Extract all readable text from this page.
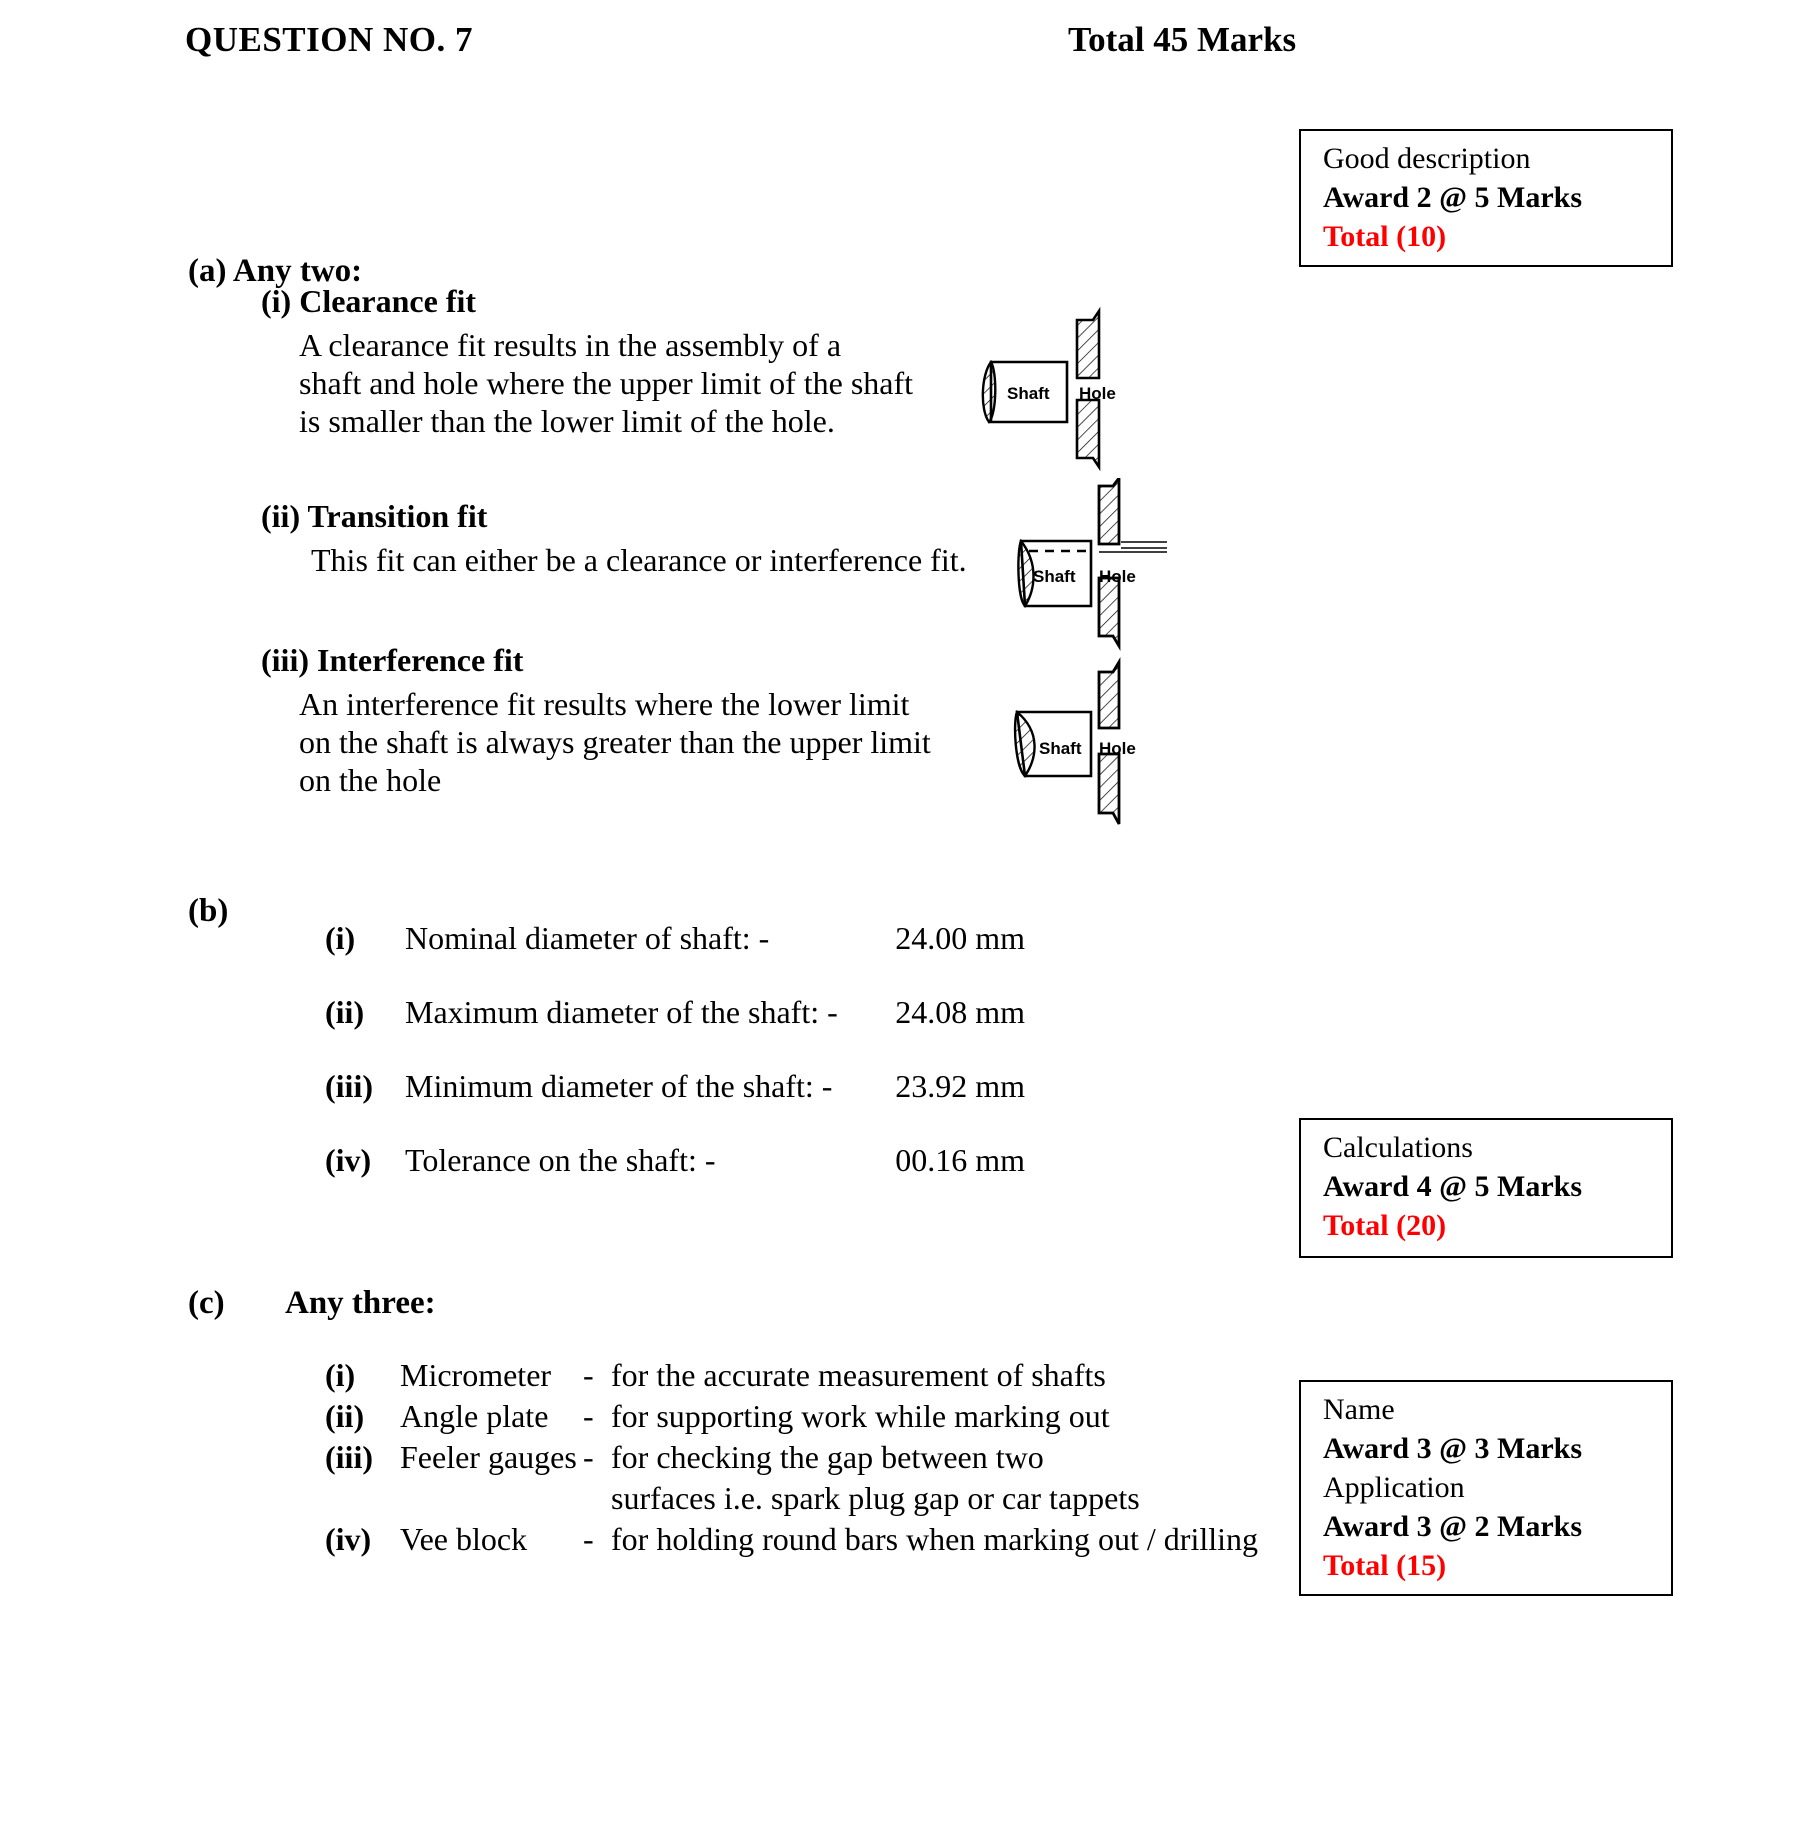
QUESTION NO. 7	Total 45 Marks
Good description
Award 2 @ 5 Marks
Total (10)
(a) Any two:
(i) Clearance fit
A clearance fit results in the assembly of a
shaft and hole where the upper limit of the shaft
is smaller than the lower limit of the hole.
Shaft Hole
(ii) Transition fit
This fit can either be a clearance or interference fit.	Shaft Hole
(iii) Interference fit
An interference fit results where the lower limit
on the shaft is always greater than the upper limit
on the hole
Shaft Hole
(b)
(i)	Nominal diameter of shaft: -	24.00 mm
(ii)	Maximum diameter of the shaft: -	24.08 mm
(iii)	Minimum diameter of the shaft: -	23.92 mm
(iv)	Tolerance on the shaft: -	00.16 mm	Calculations
Award 4 @ 5 Marks
Total (20)
Name
Award 3 @ 3 Marks
Application
Award 3 @ 2 Marks
Total (15)
(c) Any three:
(i)	Micrometer - for the accurate measurement of shafts
(ii)	Angle plate	- for supporting work while marking out
(iii) Feeler gauges - for checking the gap between two
surfaces i.e. spark plug gap or car tappets
(iv) Vee block	- for holding round bars when marking out / drilling
